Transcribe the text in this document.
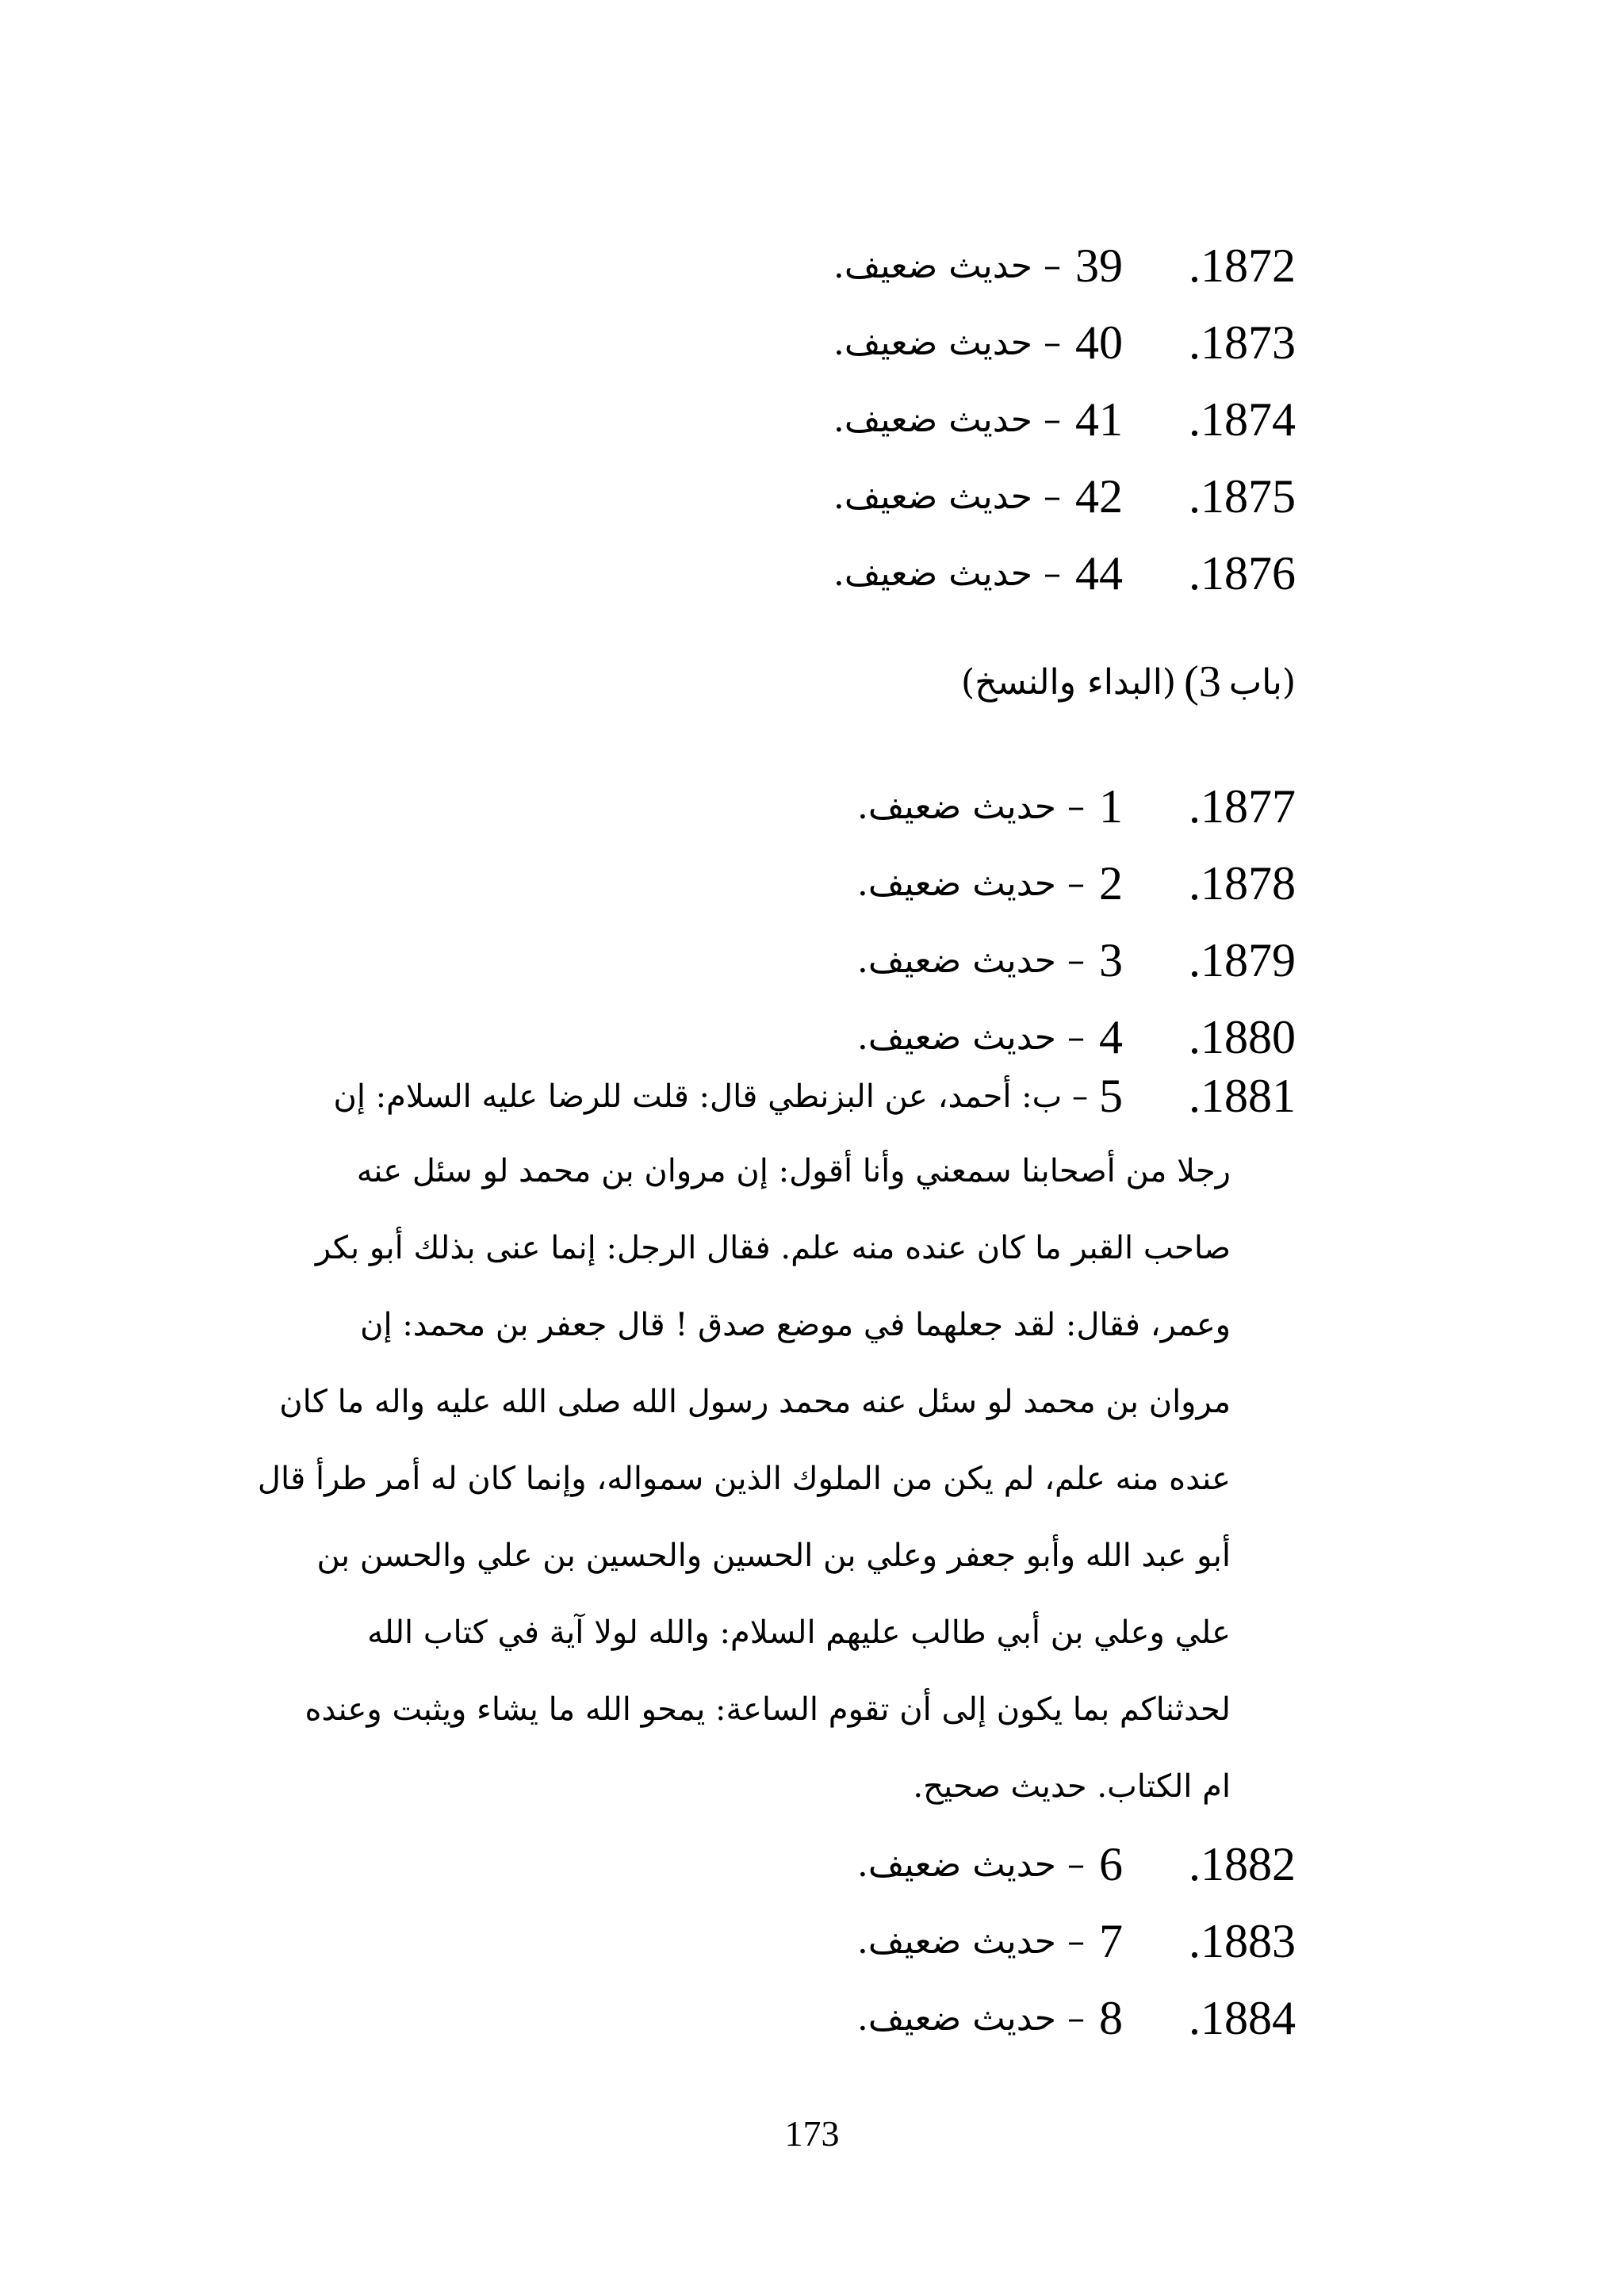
1872.
39
– حديث ضعيف.
1873.
40
– حديث ضعيف.
1874.
41
– حديث ضعيف.
1875.
42
– حديث ضعيف.
1876.
44
– حديث ضعيف.
(باب
3)
(البداء والنسخ)
1877.
1
– حديث ضعيف.
1878.
2
– حديث ضعيف.
1879.
3
– حديث ضعيف.
1880.
4
– حديث ضعيف.
1881.
5
– ب: أحمد، عن البزنطي قال: قلت للرضا عليه السلام: إن
رجلا من أصحابنا سمعني وأنا أقول: إن مروان بن محمد لو سئل عنه
صاحب القبر ما كان عنده منه علم. فقال الرجل: إنما عنى بذلك أبو بكر
وعمر، فقال: لقد جعلهما في موضع صدق ! قال جعفر بن محمد: إن
مروان بن محمد لو سئل عنه محمد رسول الله صلى الله عليه واله ما كان
عنده منه علم، لم يكن من الملوك الذين سمواله، وإنما كان له أمر طرأ قال
أبو عبد الله وأبو جعفر وعلي بن الحسين والحسين بن علي والحسن بن
علي وعلي بن أبي طالب عليهم السلام: والله لولا آية في كتاب الله
لحدثناكم بما يكون إلى أن تقوم الساعة: يمحو الله ما يشاء ويثبت وعنده
ام الكتاب. حديث صحيح.
1882.
6
– حديث ضعيف.
1883.
7
– حديث ضعيف.
1884.
8
– حديث ضعيف.
173
